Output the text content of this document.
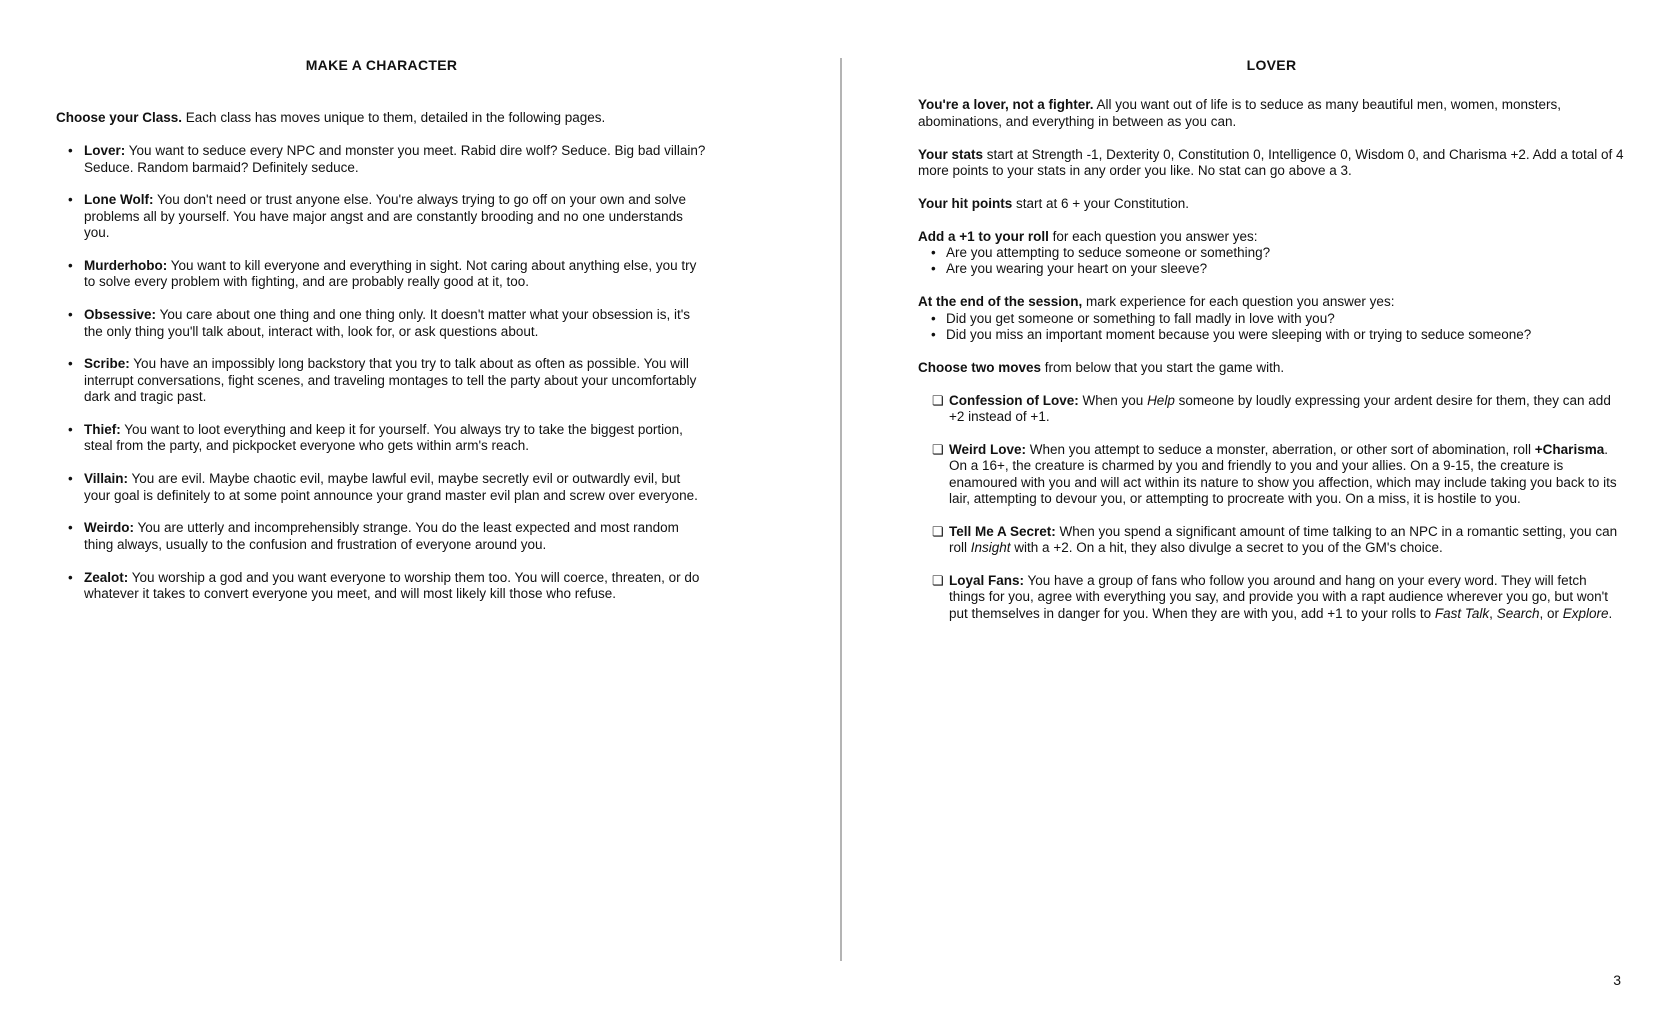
MAKE A CHARACTER

Choose your Class. Each class has moves unique to them, detailed in the following pages.

• Lover: You want to seduce every NPC and monster you meet. Rabid dire wolf? Seduce. Big bad villain? Seduce. Random barmaid? Definitely seduce.
• Lone Wolf: You don't need or trust anyone else. You're always trying to go off on your own and solve problems all by yourself. You have major angst and are constantly brooding and no one understands you.
• Murderhobo: You want to kill everyone and everything in sight. Not caring about anything else, you try to solve every problem with fighting, and are probably really good at it, too.
• Obsessive: You care about one thing and one thing only. It doesn't matter what your obsession is, it's the only thing you'll talk about, interact with, look for, or ask questions about.
• Scribe: You have an impossibly long backstory that you try to talk about as often as possible. You will interrupt conversations, fight scenes, and traveling montages to tell the party about your uncomfortably dark and tragic past.
• Thief: You want to loot everything and keep it for yourself. You always try to take the biggest portion, steal from the party, and pickpocket everyone who gets within arm's reach.
• Villain: You are evil. Maybe chaotic evil, maybe lawful evil, maybe secretly evil or outwardly evil, but your goal is definitely to at some point announce your grand master evil plan and screw over everyone.
• Weirdo: You are utterly and incomprehensibly strange. You do the least expected and most random thing always, usually to the confusion and frustration of everyone around you.
• Zealot: You worship a god and you want everyone to worship them too. You will coerce, threaten, or do whatever it takes to convert everyone you meet, and will most likely kill those who refuse.
LOVER

You're a lover, not a fighter. All you want out of life is to seduce as many beautiful men, women, monsters, abominations, and everything in between as you can.

Your stats start at Strength -1, Dexterity 0, Constitution 0, Intelligence 0, Wisdom 0, and Charisma +2. Add a total of 4 more points to your stats in any order you like. No stat can go above a 3.

Your hit points start at 6 + your Constitution.

Add a +1 to your roll for each question you answer yes:

• Are you attempting to seduce someone or something?
• Are you wearing your heart on your sleeve?

At the end of the session, mark experience for each question you answer yes:

• Did you get someone or something to fall madly in love with you?
• Did you miss an important moment because you were sleeping with or trying to seduce someone?

Choose two moves from below that you start the game with.

❏ Confession of Love: When you Help someone by loudly expressing your ardent desire for them, they can add +2 instead of +1.
❏ Weird Love: When you attempt to seduce a monster, aberration, or other sort of abomination, roll +Charisma. On a 16+, the creature is charmed by you and friendly to you and your allies. On a 9-15, the creature is enamoured with you and will act within its nature to show you affection, which may include taking you back to its lair, attempting to devour you, or attempting to procreate with you. On a miss, it is hostile to you.
❏ Tell Me A Secret: When you spend a significant amount of time talking to an NPC in a romantic setting, you can roll Insight with a +2. On a hit, they also divulge a secret to you of the GM's choice.
❏ Loyal Fans: You have a group of fans who follow you around and hang on your every word. They will fetch things for you, agree with everything you say, and provide you with a rapt audience wherever you go, but won't put themselves in danger for you. When they are with you, add +1 to your rolls to Fast Talk, Search, or Explore.
3
